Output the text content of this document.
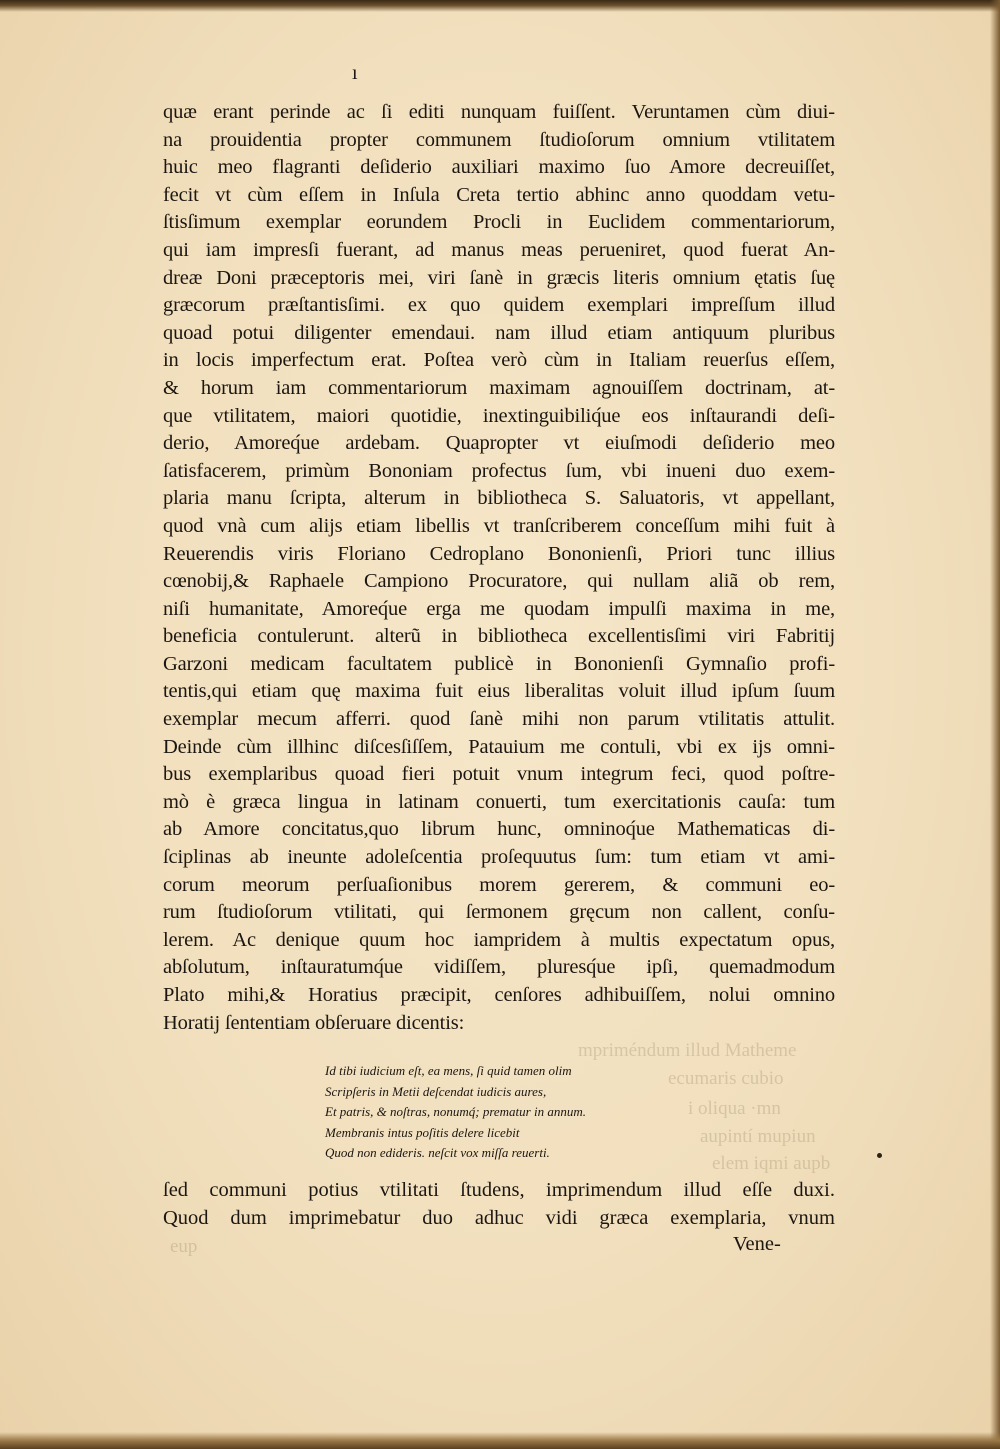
ı
mpriméndum illud Matheme
ecumaris cubio
i oliqua ·mn
aupintí mupiun
elem iqmi aupb
eup
quæ erant perinde ac ſi editi nunquam fuiſſent. Veruntamen cùm diui-
na prouidentia propter communem ſtudioſorum omnium vtilitatem
huic meo flagranti deſiderio auxiliari maximo ſuo Amore decreuiſſet,
fecit vt cùm eſſem in Inſula Creta tertio abhinc anno quoddam vetu-
ſtisſimum exemplar eorundem Procli in Euclidem commentariorum,
qui iam impresſi fuerant, ad manus meas perueniret, quod fuerat An-
dreæ Doni præceptoris mei, viri ſanè in græcis literis omnium ętatis ſuę
græcorum præſtantisſimi. ex quo quidem exemplari impreſſum illud
quoad potui diligenter emendaui. nam illud etiam antiquum pluribus
in locis imperfectum erat. Poſtea verò cùm in Italiam reuerſus eſſem,
& horum iam commentariorum maximam agnouiſſem doctrinam, at-
que vtilitatem, maiori quotidie, inextinguibiliq́ue eos inſtaurandi deſi-
derio, Amoreq́ue ardebam. Quapropter vt eiuſmodi deſiderio meo
ſatisfacerem, primùm Bononiam profectus ſum, vbi inueni duo exem-
plaria manu ſcripta, alterum in bibliotheca S. Saluatoris, vt appellant,
quod vnà cum alijs etiam libellis vt tranſcriberem conceſſum mihi fuit à
Reuerendis viris Floriano Cedroplano Bononienſi, Priori tunc illius
cœnobij,& Raphaele Campiono Procuratore, qui nullam aliã ob rem,
niſi humanitate, Amoreq́ue erga me quodam impulſi maxima in me,
beneficia contulerunt. alterũ in bibliotheca excellentisſimi viri Fabritij
Garzoni medicam facultatem publicè in Bononienſi Gymnaſio profi-
tentis,qui etiam quę maxima fuit eius liberalitas voluit illud ipſum ſuum
exemplar mecum afferri. quod ſanè mihi non parum vtilitatis attulit.
Deinde cùm illhinc diſcesſiſſem, Patauium me contuli, vbi ex ijs omni-
bus exemplaribus quoad fieri potuit vnum integrum feci, quod poſtre-
mò è græca lingua in latinam conuerti, tum exercitationis cauſa: tum
ab Amore concitatus,quo librum hunc, omninoq́ue Mathematicas di-
ſciplinas ab ineunte adoleſcentia proſequutus ſum: tum etiam vt ami-
corum meorum perſuaſionibus morem gererem, & communi eo-
rum ſtudioſorum vtilitati, qui ſermonem gręcum non callent, conſu-
lerem. Ac denique quum hoc iampridem à multis expectatum opus,
abſolutum, inſtauratumq́ue vidiſſem, pluresq́ue ipſi, quemadmodum
Plato mihi,& Horatius præcipit, cenſores adhibuiſſem, nolui omnino
Horatij ſententiam obſeruare dicentis:
Id tibi iudicium eſt, ea mens, ſi quid tamen olim
Scripſeris in Metii deſcendat iudicis aures,
Et patris, & noſtras, nonumq́; prematur in annum.
Membranis intus poſitis delere licebit
Quod non edideris. neſcit vox miſſa reuerti.
ſed communi potius vtilitati ſtudens, imprimendum illud eſſe duxi.
Quod dum imprimebatur duo adhuc vidi græca exemplaria, vnum
Vene-
